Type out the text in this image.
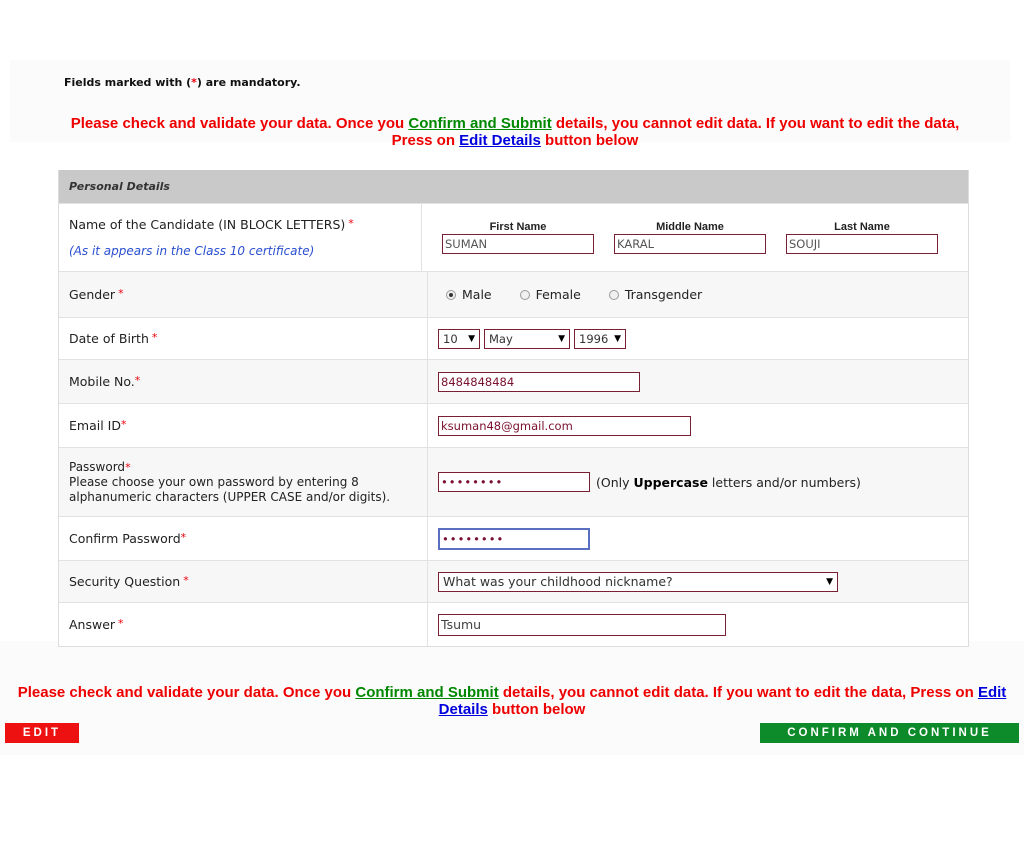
Fields marked with (*) are mandatory.
Please check and validate your data. Once you Confirm and Submit details, you cannot edit data. If you want to edit the data, Press on Edit Details button below
Personal Details
Name of the Candidate (IN BLOCK LETTERS) *
(As it appears in the Class 10 certificate)
First Name
SUMAN
Middle Name
KARAL
Last Name
SOUJI
Gender *	Male	Female	Transgender
Date of Birth *	10 ▼ May	▼ 1996 ▼
Mobile No.*	8484848484
Email ID*	ksuman48@gmail.com
Password*
Please choose your own password by entering 8 alphanumeric characters (UPPER CASE and/or digits).
••••••••	(Only Uppercase letters and/or numbers)
Confirm Password*	••••••••
Security Question *	What was your childhood nickname?	▼
Answer *	Tsumu
Please check and validate your data. Once you Confirm and Submit details, you cannot edit data. If you want to edit the data, Press on Edit Details button below
EDIT	CONFIRM AND CONTINUE
